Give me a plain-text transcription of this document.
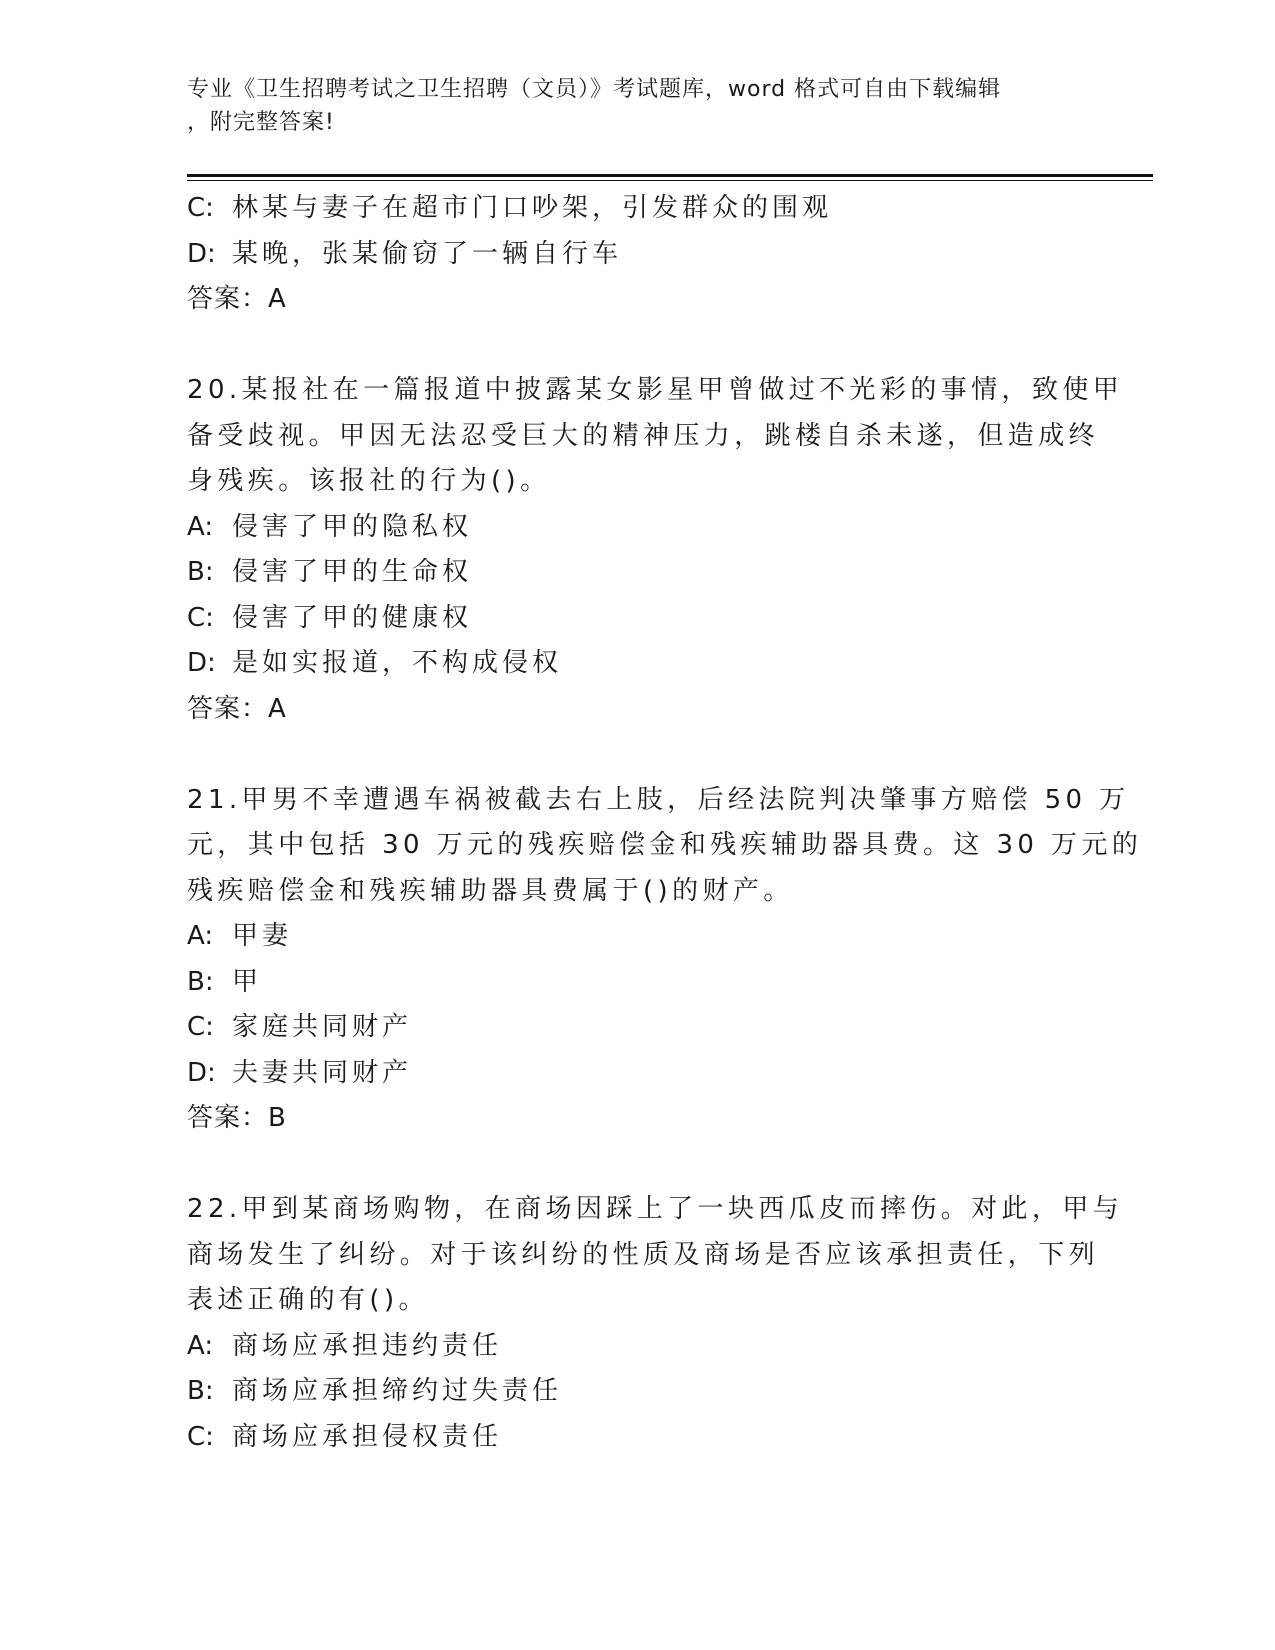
专业《卫生招聘考试之卫生招聘（文员）》考试题库，word 格式可自由下载编辑
，附完整答案!
C: 林某与妻子在超市门口吵架，引发群众的围观
D: 某晚，张某偷窃了一辆自行车
答案：A
20.某报社在一篇报道中披露某女影星甲曾做过不光彩的事情，致使甲
备受歧视。甲因无法忍受巨大的精神压力，跳楼自杀未遂，但造成终
身残疾。该报社的行为()。
A: 侵害了甲的隐私权
B: 侵害了甲的生命权
C: 侵害了甲的健康权
D: 是如实报道，不构成侵权
答案：A
21.甲男不幸遭遇车祸被截去右上肢，后经法院判决肇事方赔偿 50 万
元，其中包括 30 万元的残疾赔偿金和残疾辅助器具费。这 30 万元的
残疾赔偿金和残疾辅助器具费属于()的财产。
A: 甲妻
B: 甲
C: 家庭共同财产
D: 夫妻共同财产
答案：B
22.甲到某商场购物，在商场因踩上了一块西瓜皮而摔伤。对此，甲与
商场发生了纠纷。对于该纠纷的性质及商场是否应该承担责任，下列
表述正确的有()。
A: 商场应承担违约责任
B: 商场应承担缔约过失责任
C: 商场应承担侵权责任
